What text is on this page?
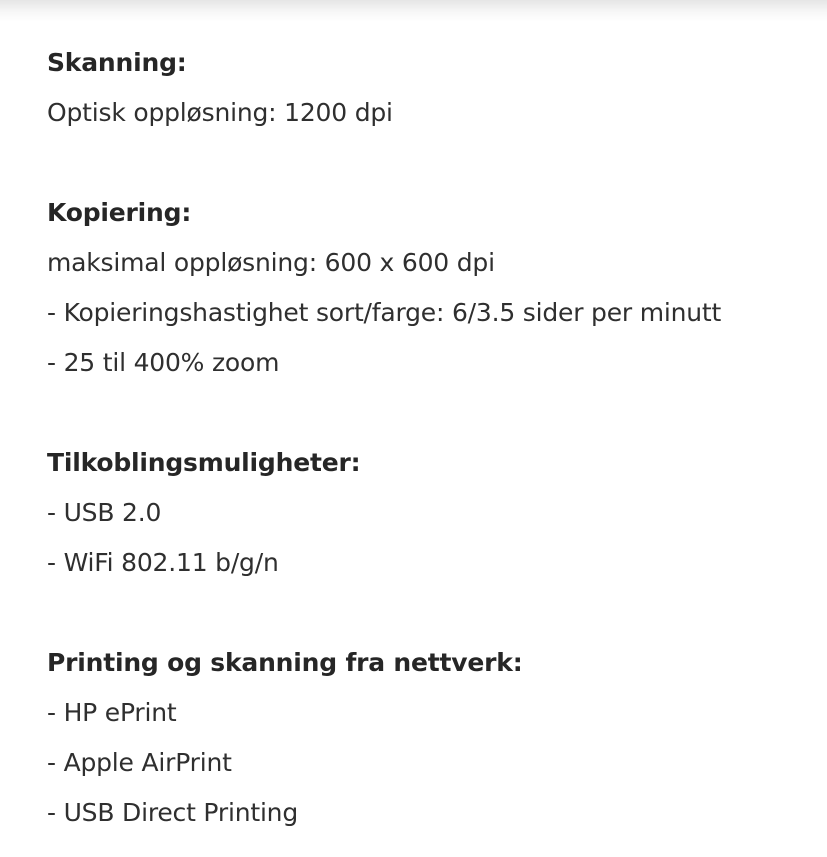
Skanning:
Optisk oppløsning: 1200 dpi
Kopiering:
maksimal oppløsning: 600 x 600 dpi
- Kopieringshastighet sort/farge: 6/3.5 sider per minutt
- 25 til 400% zoom
Tilkoblingsmuligheter:
- USB 2.0
- WiFi 802.11 b/g/n
Printing og skanning fra nettverk:
- HP ePrint
- Apple AirPrint
- USB Direct Printing
